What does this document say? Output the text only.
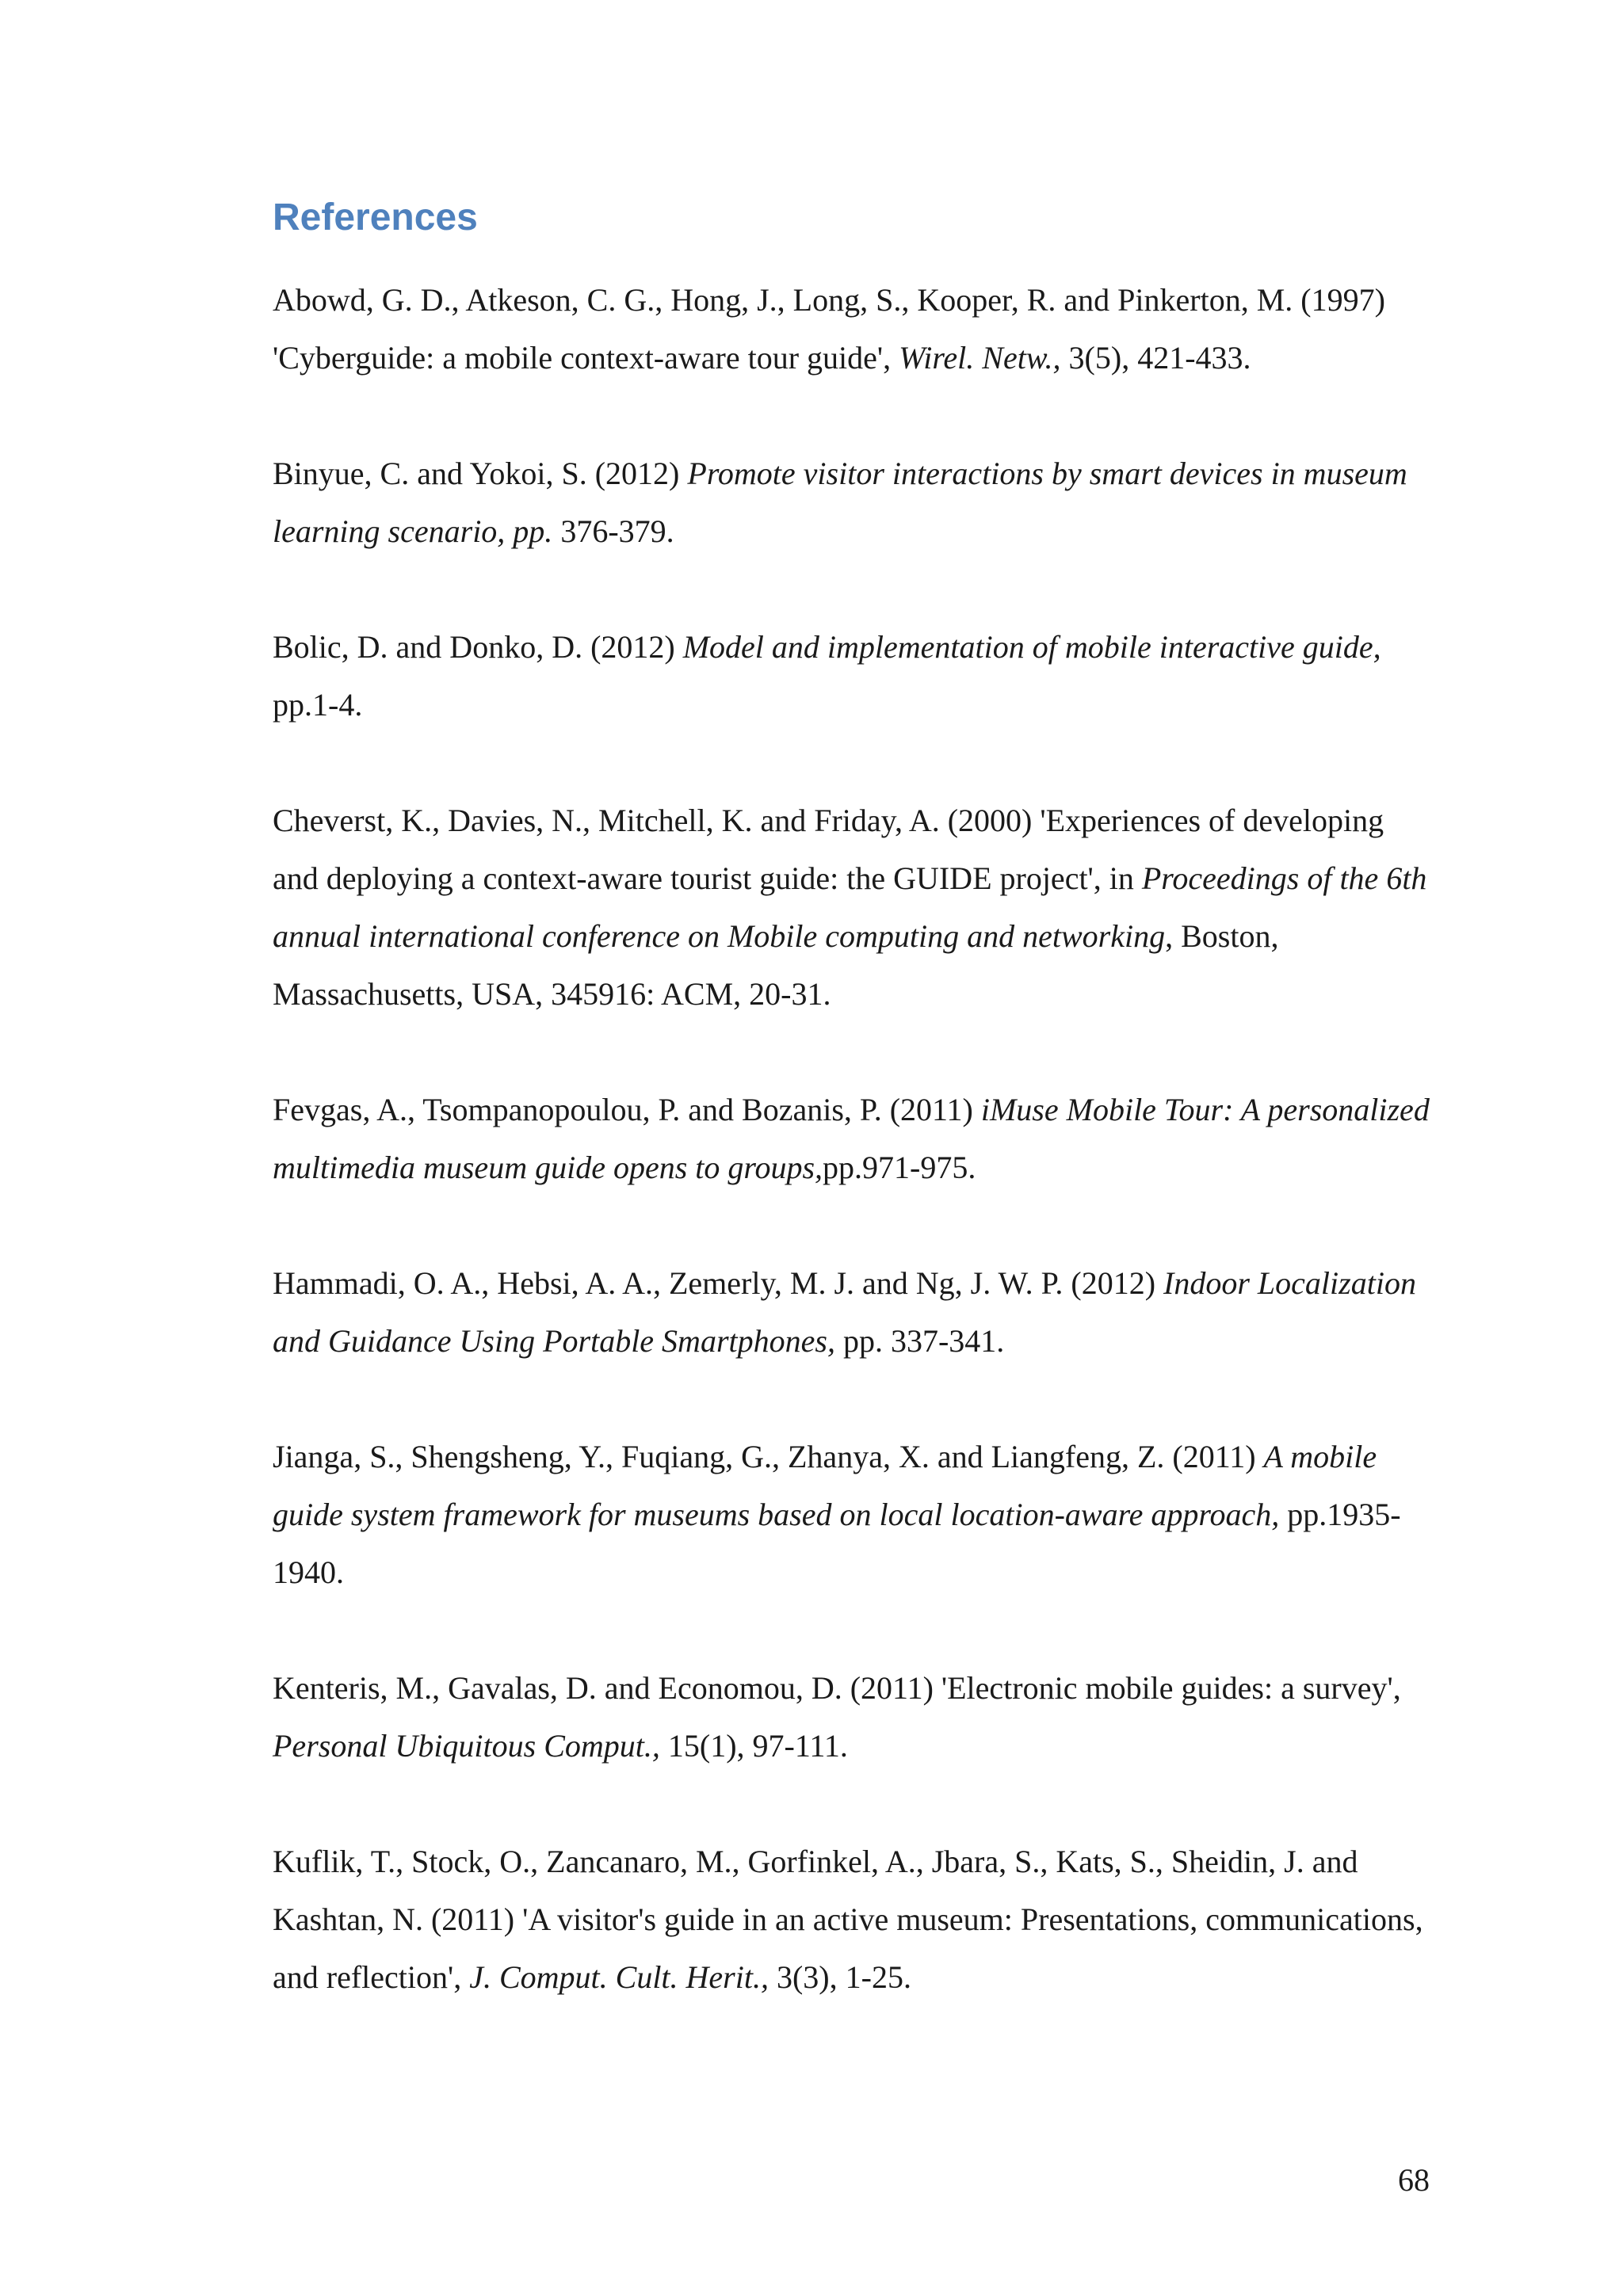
References
Abowd, G. D., Atkeson, C. G., Hong, J., Long, S., Kooper, R. and Pinkerton, M. (1997) 'Cyberguide: a mobile context-aware tour guide', Wirel. Netw., 3(5), 421-433.
Binyue, C. and Yokoi, S. (2012) Promote visitor interactions by smart devices in museum learning scenario, pp. 376-379.
Bolic, D. and Donko, D. (2012) Model and implementation of mobile interactive guide, pp.1-4.
Cheverst, K., Davies, N., Mitchell, K. and Friday, A. (2000) 'Experiences of developing and deploying a context-aware tourist guide: the GUIDE project', in Proceedings of the 6th annual international conference on Mobile computing and networking, Boston, Massachusetts, USA, 345916: ACM, 20-31.
Fevgas, A., Tsompanopoulou, P. and Bozanis, P. (2011) iMuse Mobile Tour: A personalized multimedia museum guide opens to groups,pp.971-975.
Hammadi, O. A., Hebsi, A. A., Zemerly, M. J. and Ng, J. W. P. (2012) Indoor Localization and Guidance Using Portable Smartphones, pp. 337-341.
Jianga, S., Shengsheng, Y., Fuqiang, G., Zhanya, X. and Liangfeng, Z. (2011) A mobile guide system framework for museums based on local location-aware approach, pp.1935-1940.
Kenteris, M., Gavalas, D. and Economou, D. (2011) 'Electronic mobile guides: a survey', Personal Ubiquitous Comput., 15(1), 97-111.
Kuflik, T., Stock, O., Zancanaro, M., Gorfinkel, A., Jbara, S., Kats, S., Sheidin, J. and Kashtan, N. (2011) 'A visitor's guide in an active museum: Presentations, communications, and reflection', J. Comput. Cult. Herit., 3(3), 1-25.
68
